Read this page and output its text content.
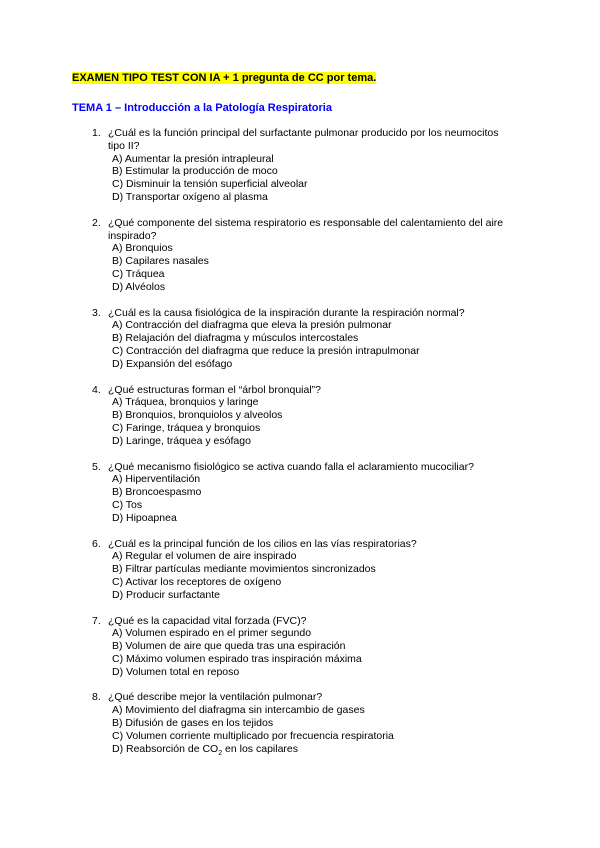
EXAMEN TIPO TEST CON IA + 1 pregunta de CC por tema.
TEMA 1 – Introducción a la Patología Respiratoria
1. ¿Cuál es la función principal del surfactante pulmonar producido por los neumocitos tipo II?
A) Aumentar la presión intrapleural
B) Estimular la producción de moco
C) Disminuir la tensión superficial alveolar
D) Transportar oxígeno al plasma
2. ¿Qué componente del sistema respiratorio es responsable del calentamiento del aire inspirado?
A) Bronquios
B) Capilares nasales
C) Tráquea
D) Alvéolos
3. ¿Cuál es la causa fisiológica de la inspiración durante la respiración normal?
A) Contracción del diafragma que eleva la presión pulmonar
B) Relajación del diafragma y músculos intercostales
C) Contracción del diafragma que reduce la presión intrapulmonar
D) Expansión del esófago
4. ¿Qué estructuras forman el “árbol bronquial”?
A) Tráquea, bronquios y laringe
B) Bronquios, bronquiolos y alveolos
C) Faringe, tráquea y bronquios
D) Laringe, tráquea y esófago
5. ¿Qué mecanismo fisiológico se activa cuando falla el aclaramiento mucociliar?
A) Hiperventilación
B) Broncoespasmo
C) Tos
D) Hipoapnea
6. ¿Cuál es la principal función de los cilios en las vías respiratorias?
A) Regular el volumen de aire inspirado
B) Filtrar partículas mediante movimientos sincronizados
C) Activar los receptores de oxígeno
D) Producir surfactante
7. ¿Qué es la capacidad vital forzada (FVC)?
A) Volumen espirado en el primer segundo
B) Volumen de aire que queda tras una espiración
C) Máximo volumen espirado tras inspiración máxima
D) Volumen total en reposo
8. ¿Qué describe mejor la ventilación pulmonar?
A) Movimiento del diafragma sin intercambio de gases
B) Difusión de gases en los tejidos
C) Volumen corriente multiplicado por frecuencia respiratoria
D) Reabsorción de $CO_2$ en los capilares
